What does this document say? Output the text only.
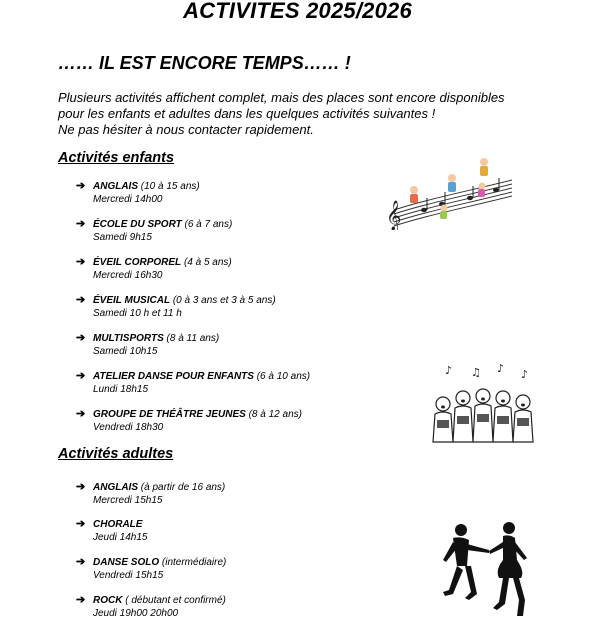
ACTIVITES 2025/2026
…… IL EST ENCORE TEMPS…… !
Plusieurs activités affichent complet, mais des places sont encore disponibles
pour les enfants et adultes dans les quelques activités suivantes !
Ne pas hésiter à nous contacter rapidement.
Activités enfants
➔ ANGLAIS (10 à 15 ans)
Mercredi 14h00
➔ ÉCOLE DU SPORT (6 à 7 ans)
Samedi 9h15
➔ ÉVEIL CORPOREL (4 à 5 ans)
Mercredi 16h30
➔ ÉVEIL MUSICAL (0 à 3 ans et 3 à 5 ans)
Samedi 10 h et 11 h
➔ MULTISPORTS (8 à 11 ans)
Samedi 10h15
➔ ATELIER DANSE POUR ENFANTS (6 à 10 ans)
Lundi 18h15
➔ GROUPE DE THÉÂTRE JEUNES (8 à 12 ans)
Vendredi 18h30
Activités adultes
➔ ANGLAIS (à partir de 16 ans)
Mercredi 15h15
➔ CHORALE
Jeudi 14h15
➔ DANSE SOLO (intermédiaire)
Vendredi 15h15
➔ ROCK ( débutant et confirmé)
Jeudi 19h00 20h00
𝄞
♪ ♫ ♪ ♪
